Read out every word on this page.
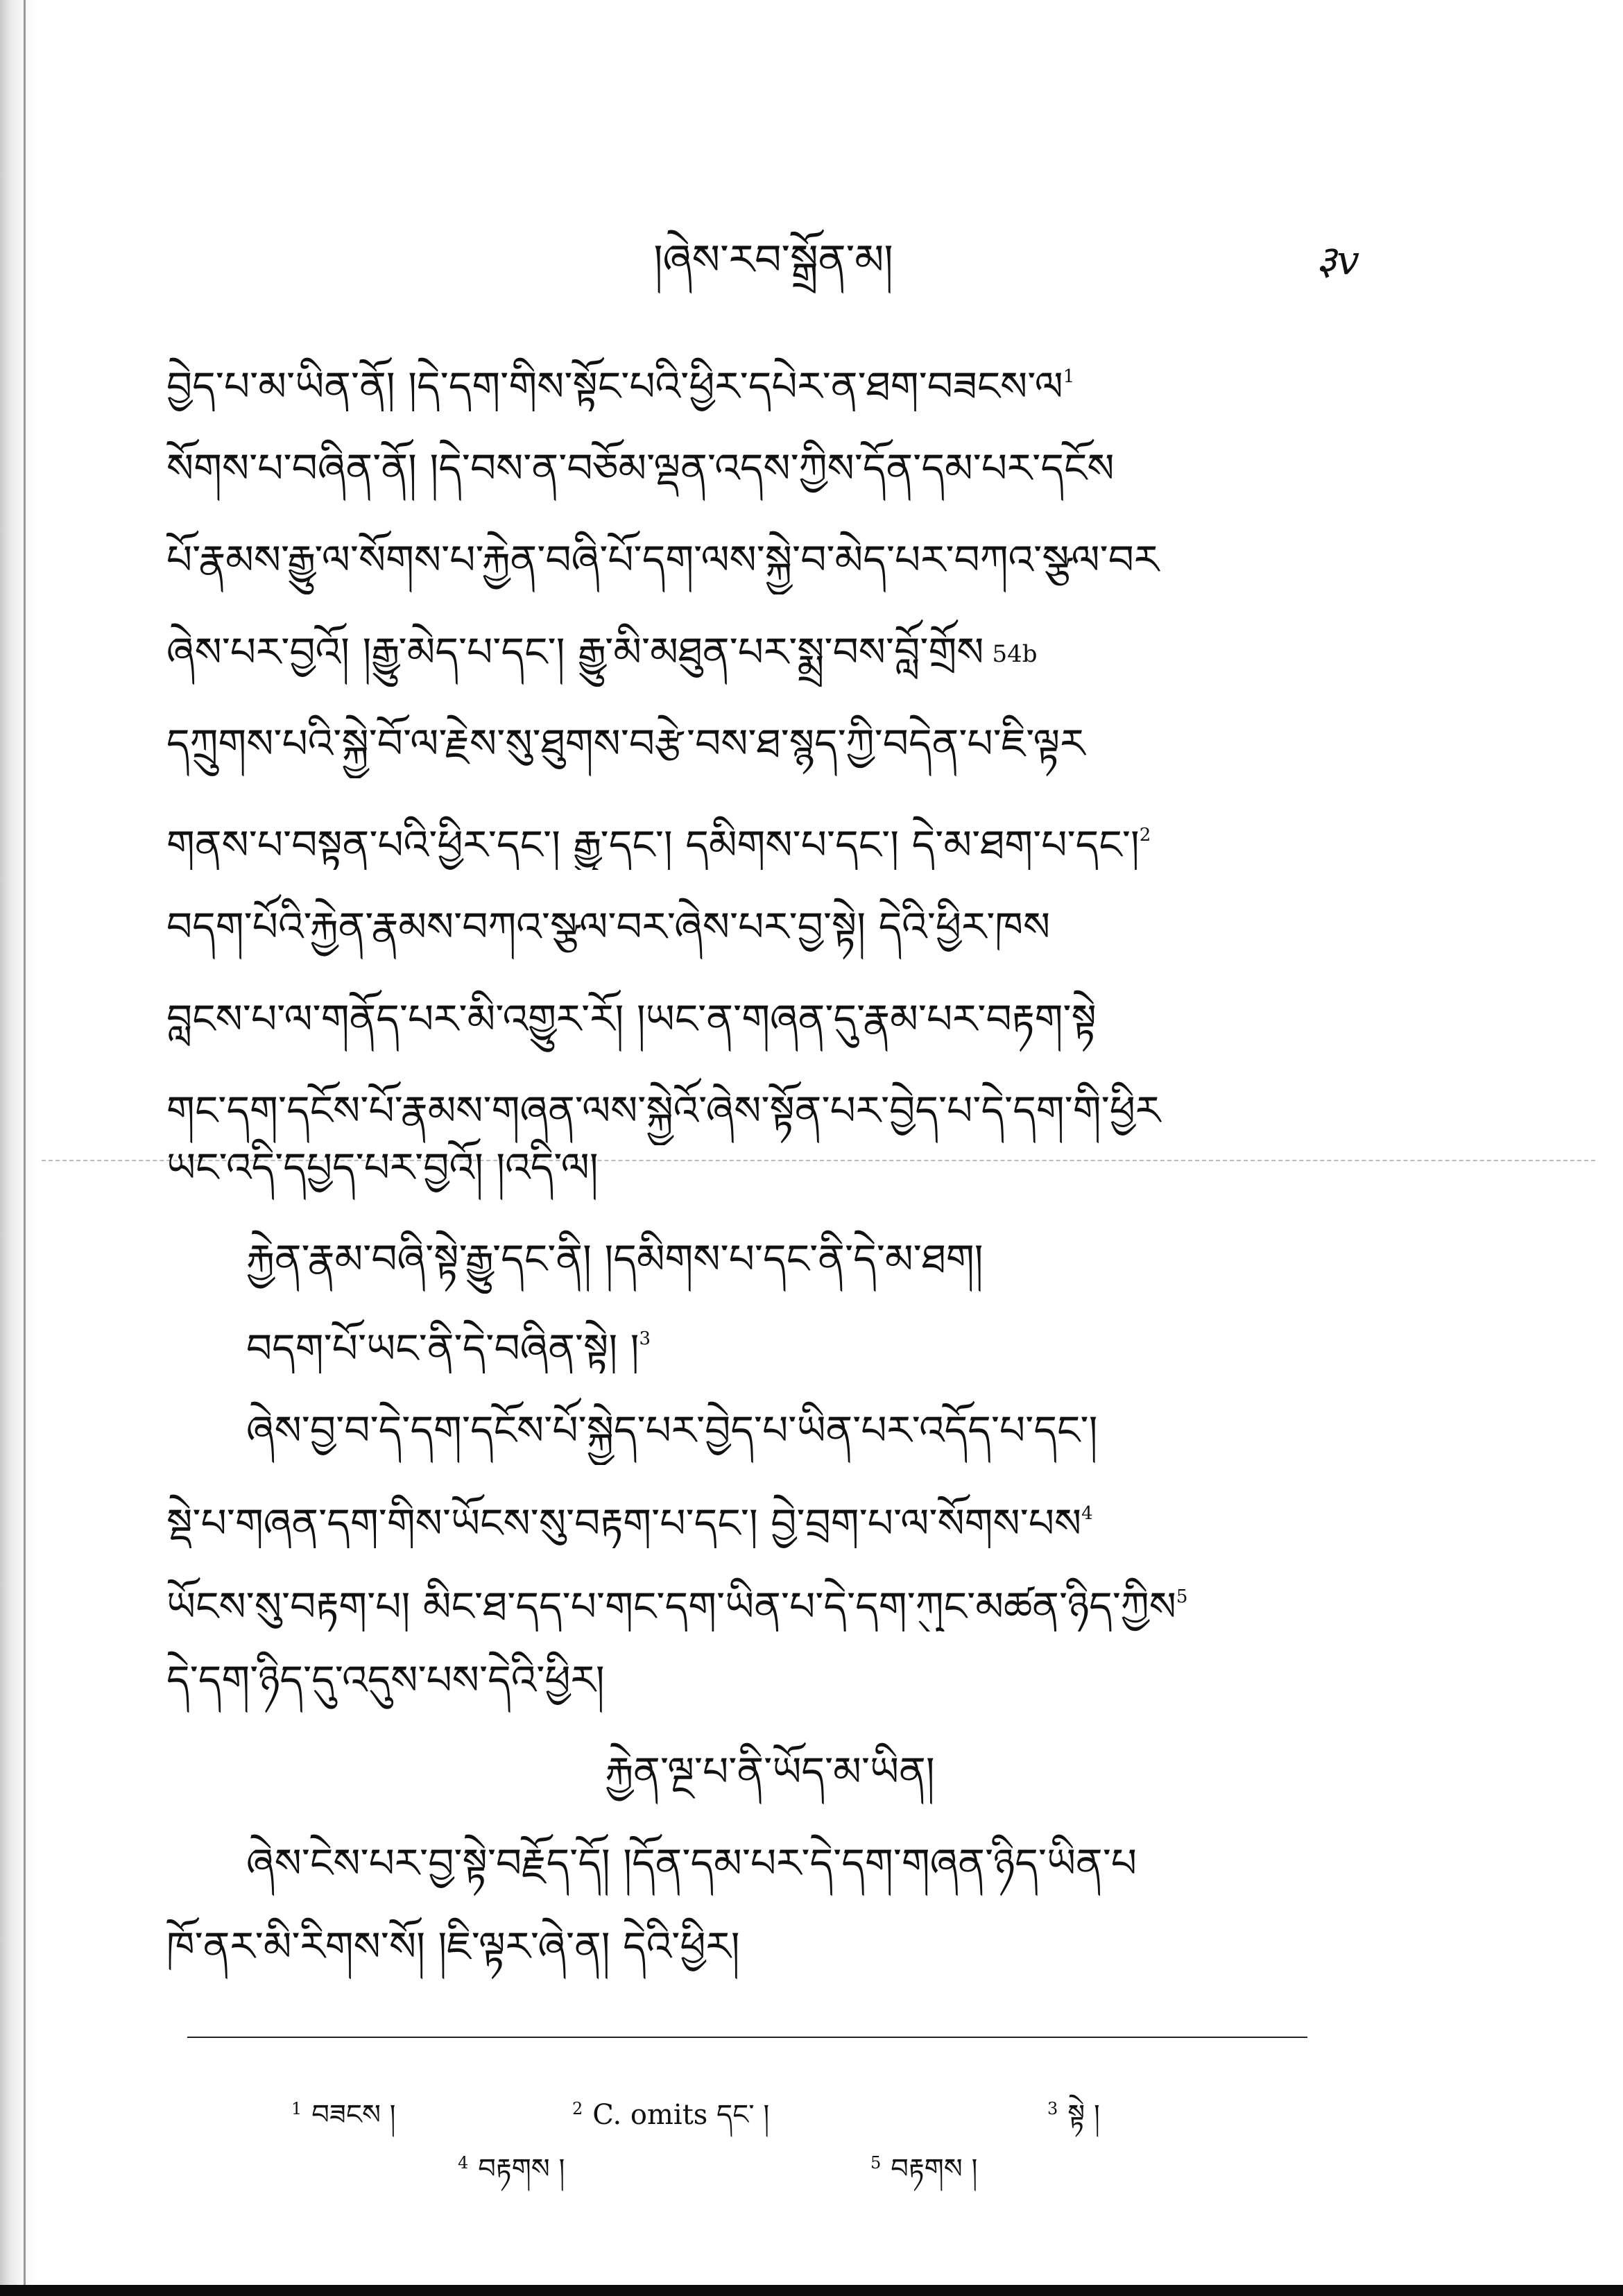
།ཞེས་རབ་སྒྲོན་མ།	३v
བྱེད་པ་མ་ཡིན་ནོ། །དེ་དག་གིས་སྟོང་པའི་ཕྱིར་དཔེར་ན་ཐག་བཟངས་ལ$^1$
སོགས་པ་བཞིན་ནོ། །དེ་བས་ན་བཅོམ་ལྡན་འདས་ཀྱིས་དོན་དམ་པར་དངོས
པོ་རྣམས་རྒྱུ་ལ་སོགས་པ་རྐྱེན་བཞི་པོ་དག་ལས་སྐྱེ་བ་མེད་པར་བཀའ་སྩལ་བར
ཞེས་པར་བྱའོ། །རྒྱུ་མེད་པ་དང་། རྒྱུ་མི་མཐུན་པར་སྨྲ་བས་བློ་གྲོས 54b
དཀྲུགས་པའི་སྐྱེ་བོ་ལ་རྗེས་སུ་ཐུགས་བརྩེ་བས་ཐ་སྙད་ཀྱི་བདེན་པ་ཇི་ལྟར
གནས་པ་བསྟན་པའི་ཕྱིར་དང་། རྒྱུ་དང་། དམིགས་པ་དང་། དེ་མ་ཐག་པ་དང་།$^2$
བདག་པོའི་རྐྱེན་རྣམས་བཀའ་སྩལ་བར་ཞེས་པར་བྱ་སྟེ། དེའི་ཕྱིར་ཁས
བླངས་པ་ལ་གནོད་པར་མི་འགྱུར་རོ། །ཡང་ན་གཞན་དུ་རྣམ་པར་བརྟག་སྟེ
གང་དག་དངོས་པོ་རྣམས་གཞན་ལས་སྐྱེའོ་ཞེས་སྟོན་པར་བྱེད་པ་དེ་དག་གི་ཕྱིར
ཡང་འདི་དཔྱད་པར་བྱའོ། །འདི་ལ།
རྐྱེན་རྣམ་བཞི་སྟེ་རྒྱུ་དང་ནི། །དམིགས་པ་དང་ནི་དེ་མ་ཐག།
བདག་པོ་ཡང་ནི་དེ་བཞིན་སྟེ། །$^3$
ཞེས་བྱ་བ་དེ་དག་དངོས་པོ་སྐྱེད་པར་བྱེད་པ་ཡིན་པར་འདོད་པ་དང་།
སྡེ་པ་གཞན་དག་གིས་ཡོངས་སུ་བརྟག་པ་དང་། བྱེ་བྲག་པ་ལ་སོགས་པས$^4$
ཡོངས་སུ་བརྟག་པ། མིང་ཐ་དད་པ་གང་དག་ཡིན་པ་དེ་དག་ཀུང་མཚན་ཉིད་ཀྱིས$^5$
དེ་དག་ཉིད་དུ་འདུས་པས་དེའི་ཕྱིར།
རྐྱེན་ལྔ་པ་ནི་ཡོད་མ་ཡིན།
ཞེས་ངེས་པར་བྱ་སྟེ་བརྗོད་དོ། །དོན་དམ་པར་དེ་དག་གཞན་ཉིད་ཡིན་པ
ཁོ་ནར་མི་རིགས་སོ། །ཇི་ལྟར་ཞེ་ན། དེའི་ཕྱིར།
$^1$ བཟངས །	$^2$ C. omits དང་ །	$^3$ སྟེ །
$^4$ བརྟགས །	$^5$ བརྟགས །
